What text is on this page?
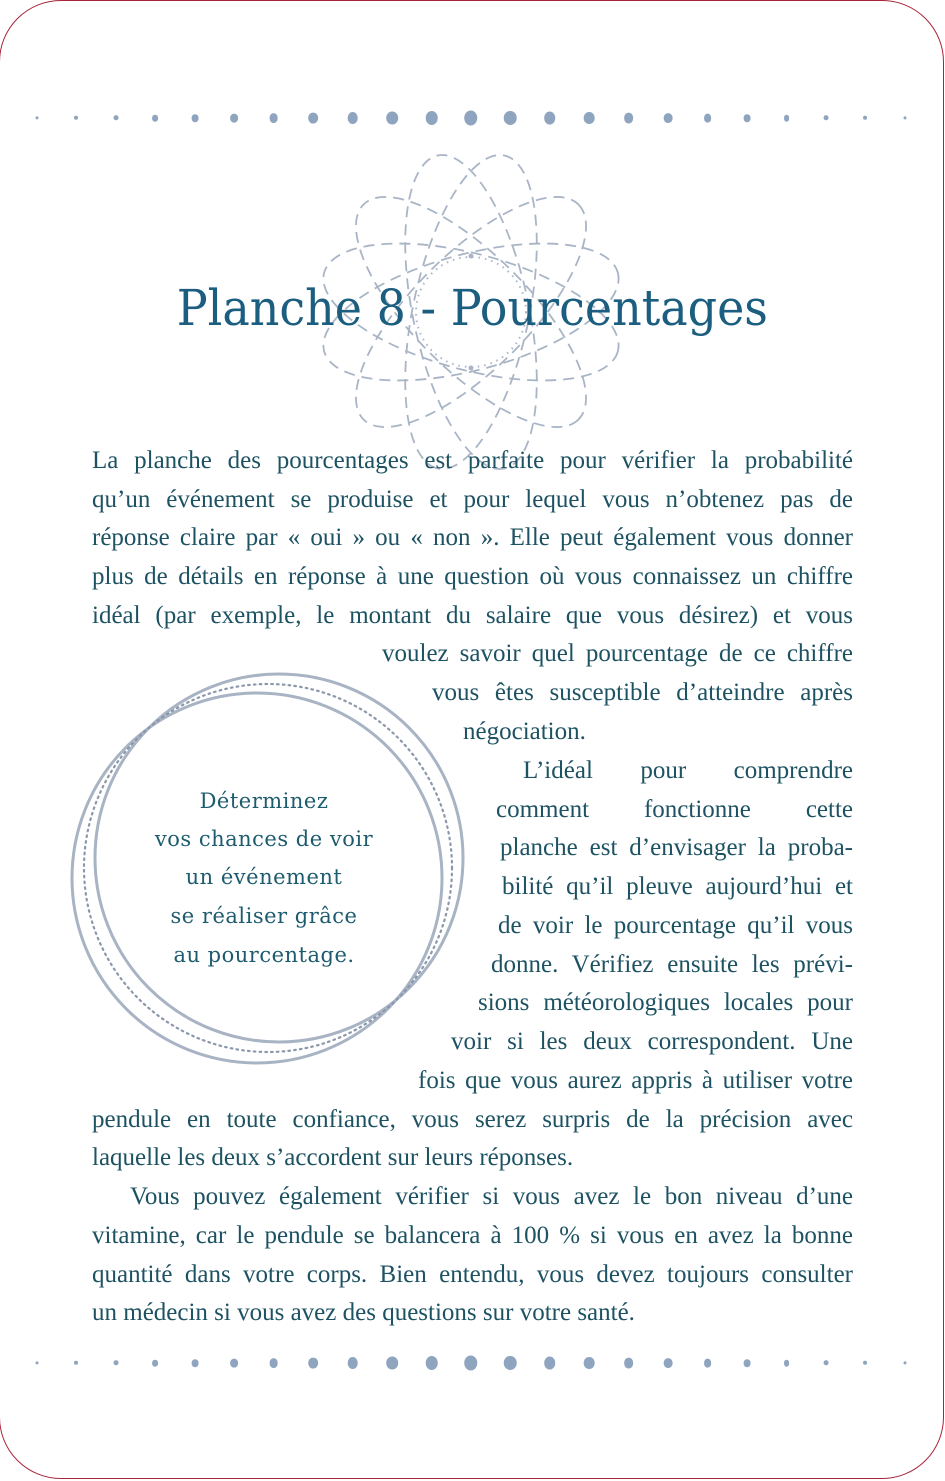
Planche 8 - Pourcentages
Déterminez
vos chances de voir
un événement
se réaliser grâce
au pourcentage.
La planche des pourcentages est parfaite pour vérifier la probabilité
qu’un événement se produise et pour lequel vous n’obtenez pas de
réponse claire par « oui » ou « non ». Elle peut également vous donner
plus de détails en réponse à une question où vous connaissez un chiffre
idéal (par exemple, le montant du salaire que vous désirez) et vous
voulez savoir quel pourcentage de ce chiffre
vous êtes susceptible d’atteindre après
négociation.
L’idéal pour comprendre
comment fonctionne cette
planche est d’envisager la proba-
bilité qu’il pleuve aujourd’hui et
de voir le pourcentage qu’il vous
donne. Vérifiez ensuite les prévi-
sions météorologiques locales pour
voir si les deux correspondent. Une
fois que vous aurez appris à utiliser votre
pendule en toute confiance, vous serez surpris de la précision avec
laquelle les deux s’accordent sur leurs réponses.
Vous pouvez également vérifier si vous avez le bon niveau d’une
vitamine, car le pendule se balancera à 100 % si vous en avez la bonne
quantité dans votre corps. Bien entendu, vous devez toujours consulter
un médecin si vous avez des questions sur votre santé.
